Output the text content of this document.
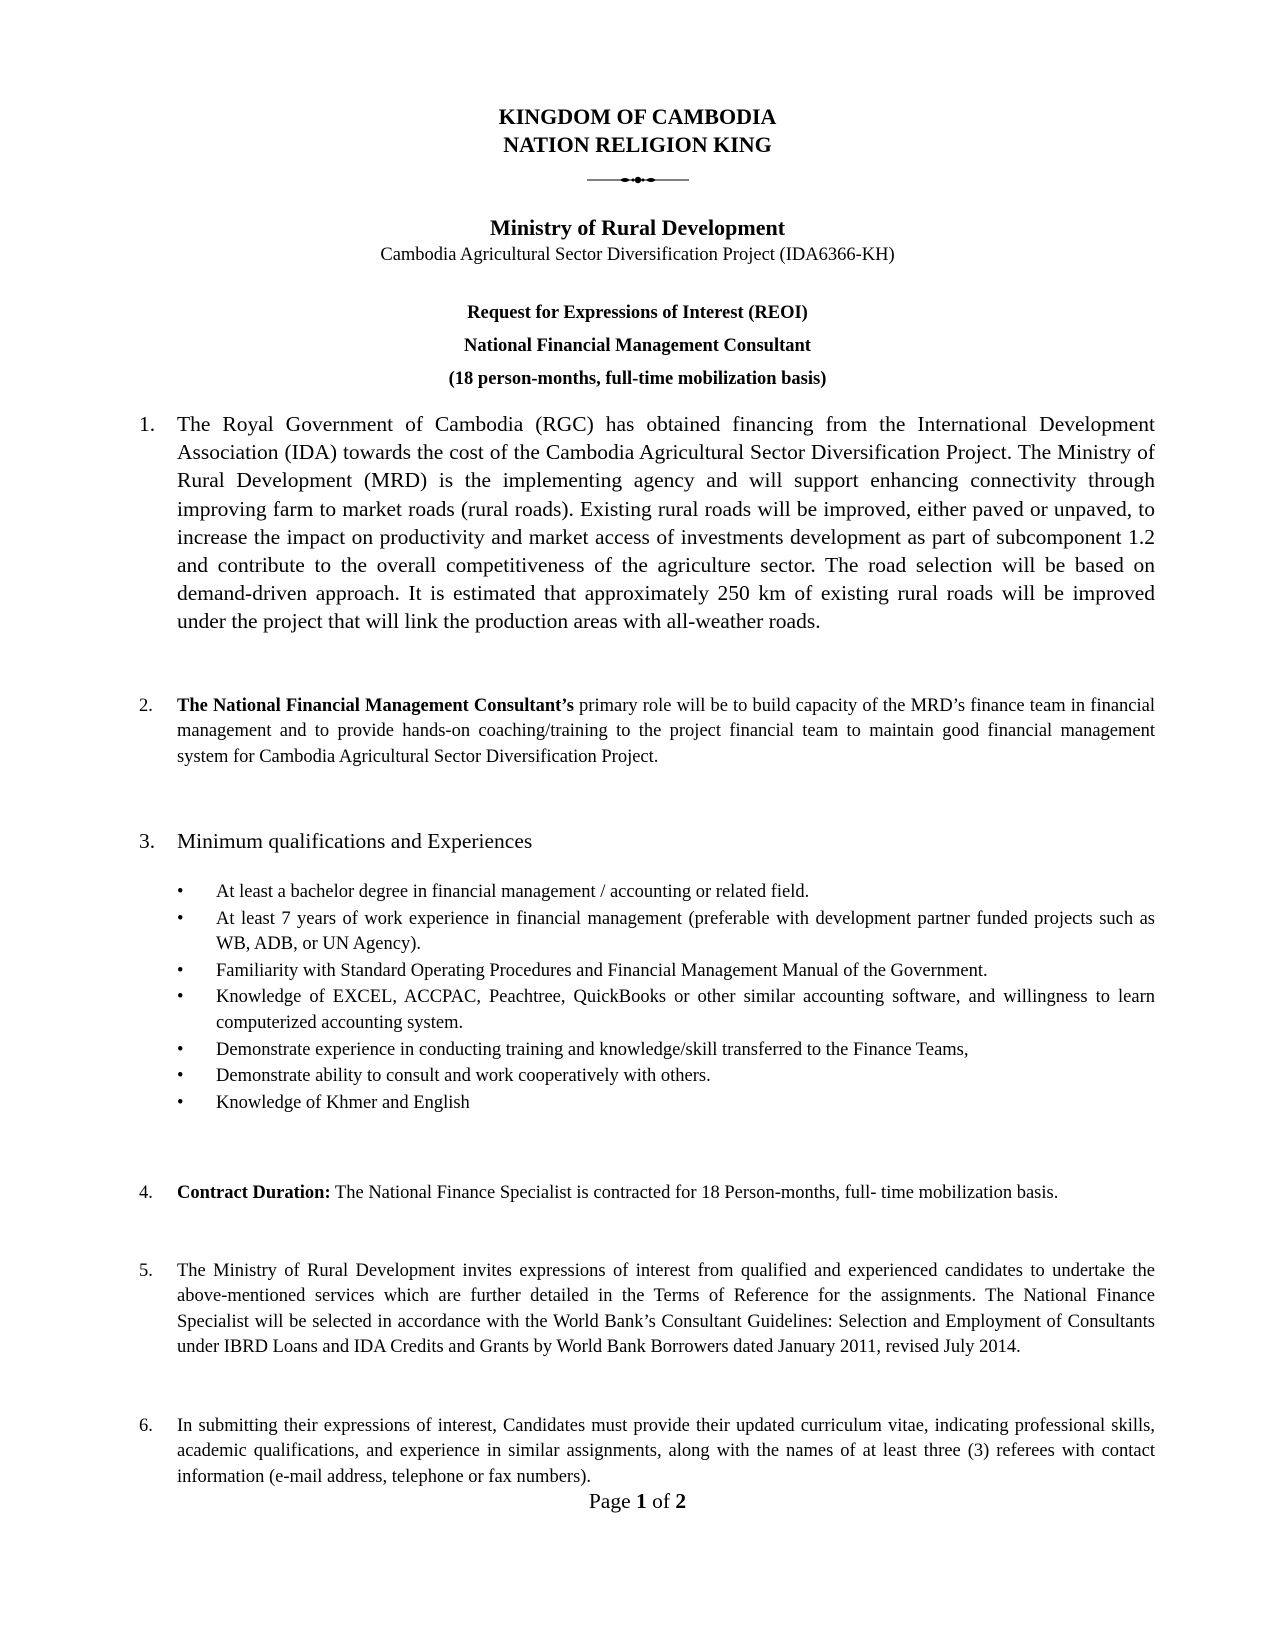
KINGDOM OF CAMBODIA
NATION RELIGION KING
Ministry of Rural Development
Cambodia Agricultural Sector Diversification Project (IDA6366-KH)
Request for Expressions of Interest (REOI)
National Financial Management Consultant
(18 person-months, full-time mobilization basis)
1. The Royal Government of Cambodia (RGC) has obtained financing from the International Development Association (IDA) towards the cost of the Cambodia Agricultural Sector Diversification Project. The Ministry of Rural Development (MRD) is the implementing agency and will support enhancing connectivity through improving farm to market roads (rural roads). Existing rural roads will be improved, either paved or unpaved, to increase the impact on productivity and market access of investments development as part of subcomponent 1.2 and contribute to the overall competitiveness of the agriculture sector. The road selection will be based on demand-driven approach. It is estimated that approximately 250 km of existing rural roads will be improved under the project that will link the production areas with all-weather roads.
2. The National Financial Management Consultant’s primary role will be to build capacity of the MRD’s finance team in financial management and to provide hands-on coaching/training to the project financial team to maintain good financial management system for Cambodia Agricultural Sector Diversification Project.
3. Minimum qualifications and Experiences
• At least a bachelor degree in financial management / accounting or related field.
• At least 7 years of work experience in financial management (preferable with development partner funded projects such as WB, ADB, or UN Agency).
• Familiarity with Standard Operating Procedures and Financial Management Manual of the Government.
• Knowledge of EXCEL, ACCPAC, Peachtree, QuickBooks or other similar accounting software, and willingness to learn computerized accounting system.
• Demonstrate experience in conducting training and knowledge/skill transferred to the Finance Teams,
• Demonstrate ability to consult and work cooperatively with others.
• Knowledge of Khmer and English
4. Contract Duration: The National Finance Specialist is contracted for 18 Person-months, full- time mobilization basis.
5. The Ministry of Rural Development invites expressions of interest from qualified and experienced candidates to undertake the above-mentioned services which are further detailed in the Terms of Reference for the assignments. The National Finance Specialist will be selected in accordance with the World Bank’s Consultant Guidelines: Selection and Employment of Consultants under IBRD Loans and IDA Credits and Grants by World Bank Borrowers dated January 2011, revised July 2014.
6. In submitting their expressions of interest, Candidates must provide their updated curriculum vitae, indicating professional skills, academic qualifications, and experience in similar assignments, along with the names of at least three (3) referees with contact information (e-mail address, telephone or fax numbers).
Page 1 of 2
